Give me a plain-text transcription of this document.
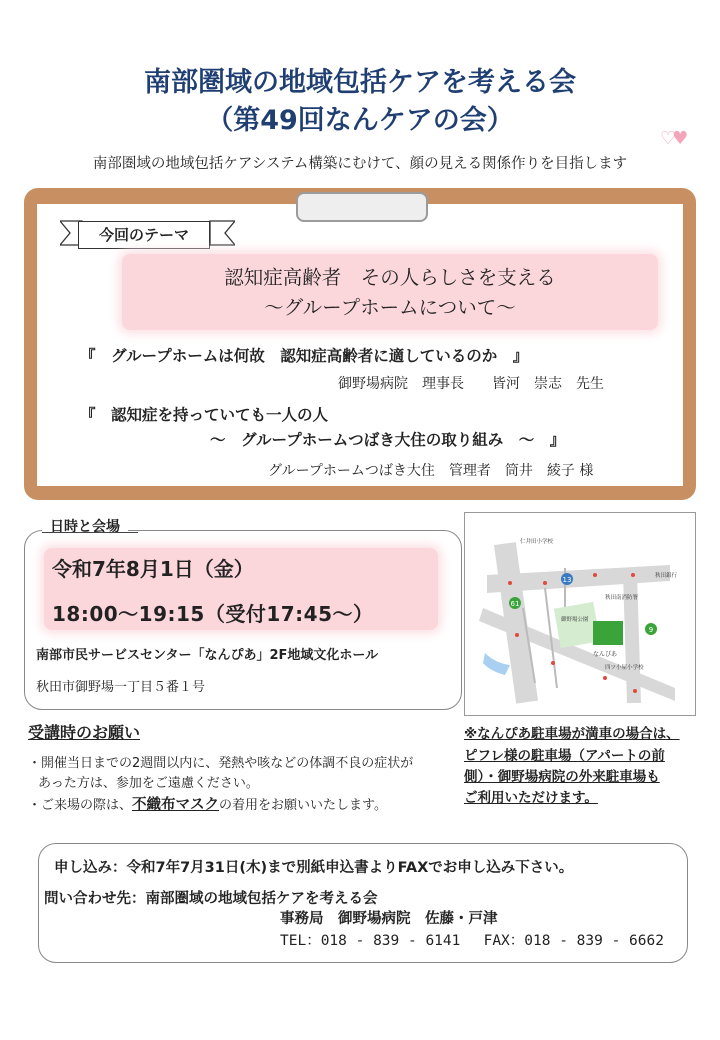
南部圏域の地域包括ケアを考える会
（第49回なんケアの会）
♡♥
南部圏域の地域包括ケアシステム構築にむけて、顔の見える関係作りを目指します
今回のテーマ
認知症高齢者　その人らしさを支える
～グループホームについて～
『　グループホームは何故　認知症高齢者に適しているのか　』
御野場病院　理事長　　皆河　崇志　先生
『　認知症を持っていても一人の人
～　グループホームつばき大住の取り組み　～　』
グループホームつばき大住　管理者　筒井　綾子 様
日時と会場
令和7年8月1日（金）
18:00～19:15（受付17:45～）
南部市民サービスセンター「なんぴあ」2F地域文化ホール
秋田市御野場一丁目５番１号
13
61
9
仁井田小学校
秋田銀行
秋田南消防署
御野場公園
なんぴあ
四ツ小屋小学校
受講時のお願い
・開催当日までの2週間以内に、発熱や咳などの体調不良の症状が
あった方は、参加をご遠慮ください。
・ご来場の際は、不織布マスクの着用をお願いいたします。
※なんぴあ駐車場が満車の場合は、
ピフレ様の駐車場（アパートの前
側）・御野場病院の外来駐車場も
ご利用いただけます。
申し込み：令和7年7月31日(木)まで別紙申込書よりFAXでお申し込み下さい。
問い合わせ先：南部圏域の地域包括ケアを考える会
事務局　御野場病院　佐藤・戸津
TEL：018 - 839 - 6141　 FAX：018 - 839 - 6662
